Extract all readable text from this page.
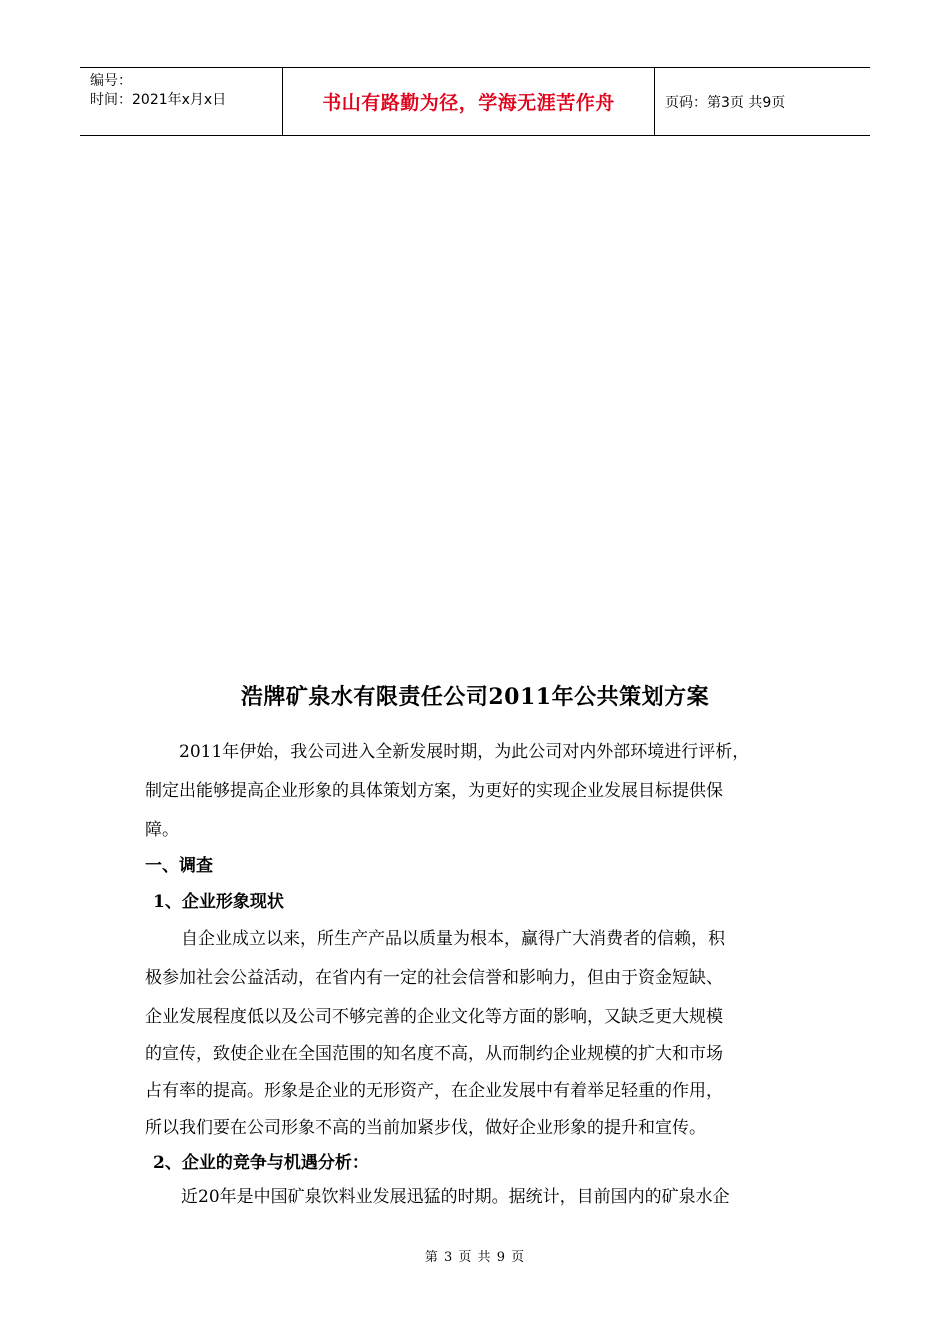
编号：
时间：2021年x月x日	书山有路勤为径，学海无涯苦作舟	页码：第3页 共9页
浩牌矿泉水有限责任公司2011年公共策划方案
2011年伊始，我公司进入全新发展时期，为此公司对内外部环境进行评析，
制定出能够提高企业形象的具体策划方案，为更好的实现企业发展目标提供保
障。
一、调查
1、企业形象现状
自企业成立以来，所生产产品以质量为根本，赢得广大消费者的信赖，积
极参加社会公益活动，在省内有一定的社会信誉和影响力，但由于资金短缺、
企业发展程度低以及公司不够完善的企业文化等方面的影响，又缺乏更大规模
的宣传，致使企业在全国范围的知名度不高，从而制约企业规模的扩大和市场
占有率的提高。形象是企业的无形资产，在企业发展中有着举足轻重的作用，
所以我们要在公司形象不高的当前加紧步伐，做好企业形象的提升和宣传。
2、企业的竞争与机遇分析：
近20年是中国矿泉饮料业发展迅猛的时期。据统计，目前国内的矿泉水企
第 3 页 共 9 页
